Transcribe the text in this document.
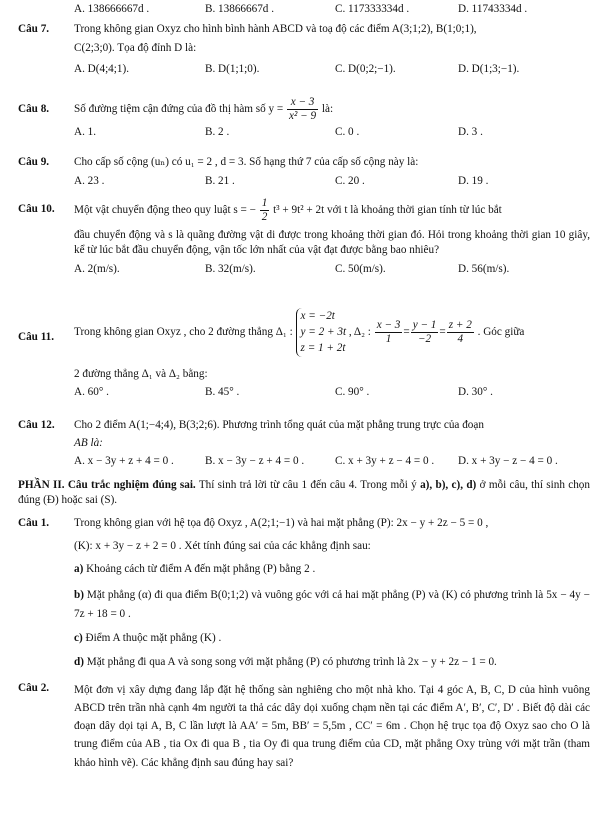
A. 138666667d .	B. 13866667d .	C. 117333334d .	D. 11743334d .
Câu 7. Trong không gian Oxyz cho hình bình hành ABCD và toạ độ các điểm A(3;1;2), B(1;0;1),
C(2;3;0). Tọa độ đỉnh D là:
A. D(4;4;1).	B. D(1;1;0).	C. D(0;2;−1).	D. D(1;3;−1).
Câu 8. Số đường tiệm cận đứng của đồ thị hàm số $y = \frac{x - 3}{\text{x² − 9}}$ là:
A. 1.	B. 2 .	C. 0 .	D. 3 .
Câu 9. Cho cấp số cộng (uₙ) có u₁ = 2 , d = 3. Số hạng thứ 7 của cấp số cộng này là:
A. 23 .	B. 21 .	C. 20 .	D. 19 .
Câu 10. Một vật chuyển động theo quy luật s = − $\frac{1}{2} t^3 + 9t^2 + 2t$ với t là khoảng thời gian tính từ lúc bắt
đầu chuyển động và s là quãng đường vật di được trong khoảng thời gian đó. Hỏi trong khoảng thời gian 10 giây, kể từ lúc bắt đầu chuyển động, vận tốc lớn nhất của vật đạt được bằng bao nhiêu?
A. 2(m/s).	B. 32(m/s).	C. 50(m/s).	D. 56(m/s).
Câu 11. Trong không gian Oxyz , cho 2 đường thẳng Δ₁ :
x = −2t
y = 2 + 3t
z = 1 + 2t
, Δ₂ : $\frac{x - 3}{1} = \frac{y - 1}{-2} = \frac{z + 2}{4}$ . Góc giữa
2 đường thẳng Δ₁ và Δ₂ bằng:
A. 60° .	B. 45° .	C. 90° .	D. 30° .
Câu 12. Cho 2 điểm A(1;−4;4), B(3;2;6). Phương trình tổng quát của mặt phẳng trung trực của đoạn
AB là:
A. x − 3y + z + 4 = 0 .	B. x − 3y − z + 4 = 0 .	C. x + 3y + z − 4 = 0 . D. x + 3y − z − 4 = 0 .
PHẦN II. Câu trắc nghiệm đúng sai. Thí sinh trả lời từ câu 1 đến câu 4. Trong mỗi ý a), b), c), d) ở mỗi câu, thí sinh chọn đúng (Đ) hoặc sai (S).
Câu 1. Trong không gian với hệ tọa độ Oxyz , A(2;1;−1) và hai mặt phẳng (P): 2x − y + 2z − 5 = 0 ,
(K): x + 3y − z + 2 = 0 . Xét tính đúng sai của các khẳng định sau:
a) Khoảng cách từ điểm A đến mặt phẳng (P) bằng 2 .
b) Mặt phẳng (α) đi qua điểm B(0;1;2) và vuông góc với cả hai mặt phẳng (P) và (K) có phương trình là 5x − 4y − 7z + 18 = 0 .
c) Điểm A thuộc mặt phẳng (K) .
d) Mặt phẳng đi qua A và song song với mặt phẳng (P) có phương trình là 2x − y + 2z − 1 = 0.
Câu 2. Một đơn vị xây dựng đang lắp đặt hệ thống sàn nghiêng cho một nhà kho. Tại 4 góc A, B, C, D của hình vuông ABCD trên trần nhà cạnh 4m người ta thả các dây dọi xuống chạm nền tại các điểm A′, B′, C′, D′ . Biết độ dài các đoạn dây dọi tại A, B, C lần lượt là AA′ = 5m, BB′ = 5,5m , CC′ = 6m . Chọn hệ trục tọa độ Oxyz sao cho O là trung điểm của AB , tia Ox đi qua B , tia Oy đi qua trung điểm của CD, mặt phẳng Oxy trùng với mặt trần (tham khảo hình vẽ). Các khẳng định sau đúng hay sai?
